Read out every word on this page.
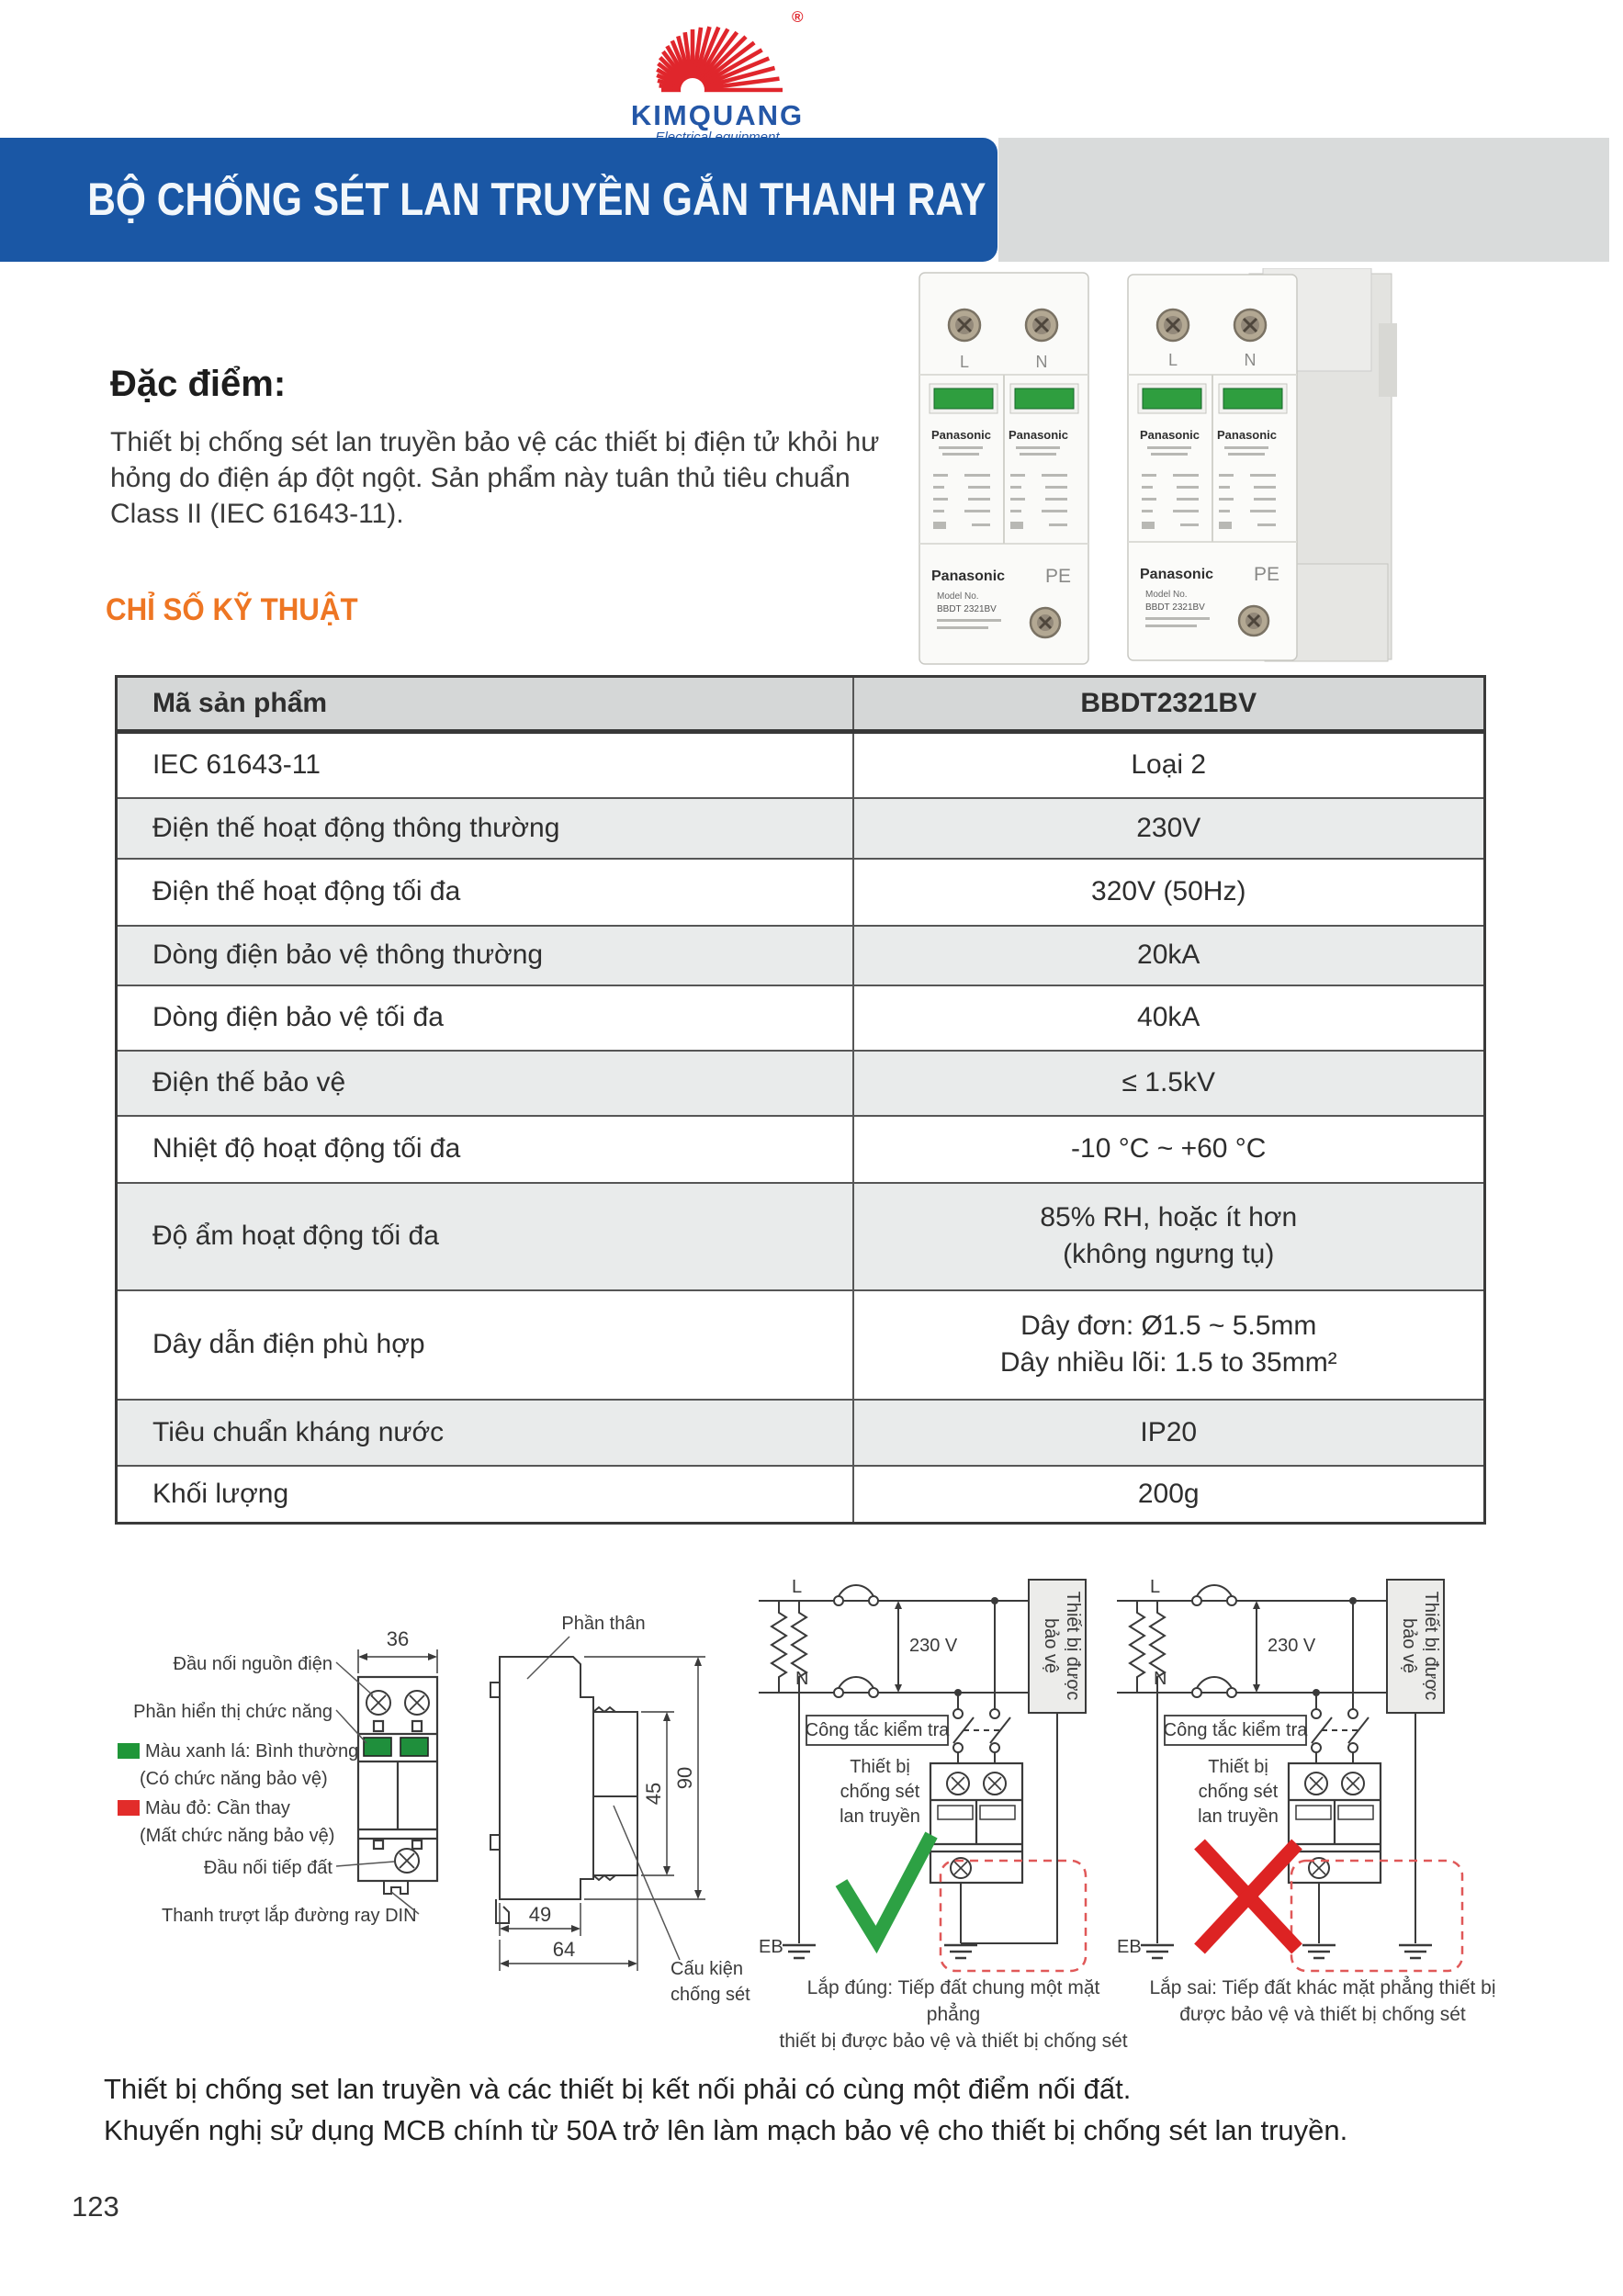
®
KIMQUANG
BỘ CHỐNG SÉT LAN TRUYỀN GẮN THANH RAY
Đặc điểm:
Thiết bị chống sét lan truyền bảo vệ các thiết bị điện tử khỏi hư
hỏng do điện áp đột ngột. Sản phẩm này tuân thủ tiêu chuẩn
Class II (IEC 61643-11).
CHỈ SỐ KỸ THUẬT
L	N
Panasonic Panasonic
Panasonic PE
Model No.
BBDT 2321BV
L	N
Panasonic Panasonic
Panasonic PE
Model No.
BBDT 2321BV
Mã sản phẩm	BBDT2321BV
IEC 61643-11	Loại 2
Điện thế hoạt động thông thường	230V
Điện thế hoạt động tối đa	320V (50Hz)
Dòng điện bảo vệ thông thường	20kA
Dòng điện bảo vệ tối đa	40kA
Điện thế bảo vệ	≤ 1.5kV
Nhiệt độ hoạt động tối đa	-10 °C ~ +60 °C
Độ ẩm hoạt động tối đa	85% RH, hoặc ít hơn
(không ngưng tụ)

Dây dẫn điện phù hợp	Dây đơn: Ø1.5 ~ 5.5mm
Dây nhiều lõi: 1.5 to 35mm²

Tiêu chuẩn kháng nước	IP20
Khối lượng	200g
36
Đầu nối nguồn điện
Phần hiển thị chức năng
Màu xanh lá: Bình thường
(Có chức năng bảo vệ)
Màu đỏ: Cần thay
(Mất chức năng bảo vệ)
Đầu nối tiếp đất
Thanh trượt lắp đường ray DIN
Phần thân
45
90
49
64
Cấu kiện
chống sét
L
N
230 V	Thiết bị được
bảo vệ
Công tắc kiểm tra
EB
Thiết bị
chống sét
lan truyền
L
N
230 V	Thiết bị được
bảo vệ
Công tắc kiểm tra
EB
Thiết bị
chống sét
lan truyền
Lắp đúng: Tiếp đất chung một mặt phẳng
thiết bị được bảo vệ và thiết bị chống sét
Lắp sai: Tiếp đất khác mặt phẳng thiết bị
được bảo vệ và thiết bị chống sét
Thiết bị chống set lan truyền và các thiết bị kết nối phải có cùng một điểm nối đất.
Khuyến nghị sử dụng MCB chính từ 50A trở lên làm mạch bảo vệ cho thiết bị chống sét lan truyền.
123
